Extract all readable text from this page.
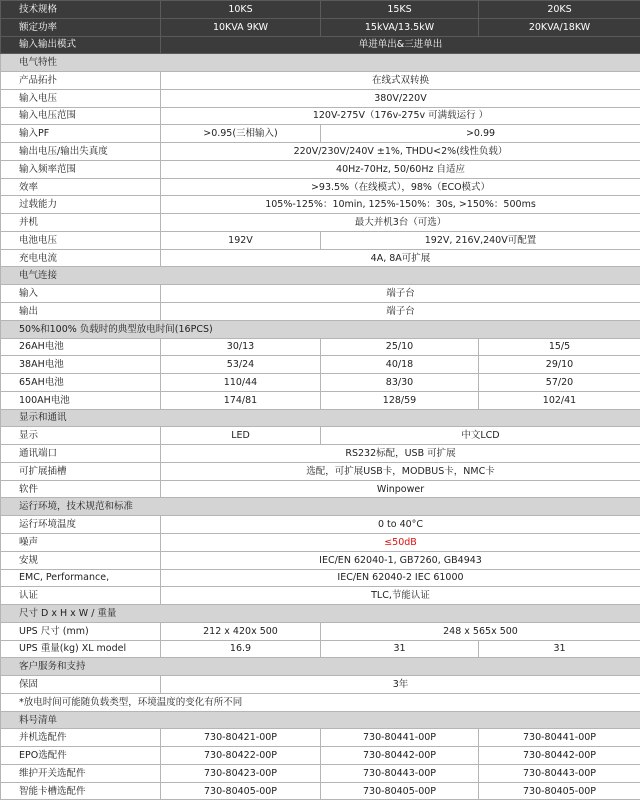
技术规格	10KS	15KS	20KS
额定功率	10KVA 9KW	15kVA/13.5kW	20KVA/18KW
输入输出模式	单进单出&三进单出		
电气特性			
产品拓扑	在线式双转换		
输入电压	380V/220V		
输入电压范围	120V-275V（176v-275v 可满载运行 ）		
输入PF	>0.95(三相输入)	>0.99	
输出电压/输出失真度	220V/230V/240V ±1%, THDU<2%(线性负载）		
输入频率范围	40Hz-70Hz, 50/60Hz 自适应		
效率	>93.5%（在线模式），98%（ECO模式）		
过载能力	105%-125%：10min, 125%-150%：30s, >150%：500ms		
并机	最大并机3台（可选）		
电池电压	192V	192V, 216V,240V可配置	
充电电流	4A, 8A可扩展		
电气连接			
输入	端子台		
输出	端子台		
50%和100% 负载时的典型放电时间(16PCS)			
26AH电池	30/13	25/10	15/5
38AH电池	53/24	40/18	29/10
65AH电池	110/44	83/30	57/20
100AH电池	174/81	128/59	102/41
显示和通讯			
显示	LED	中文LCD	
通讯端口	RS232标配，USB 可扩展		
可扩展插槽	选配，可扩展USB卡，MODBUS卡，NMC卡		
软件	Winpower		
运行环境，技术规范和标准			
运行环境温度	0 to 40°C		
噪声	≤50dB		
安规	IEC/EN 62040-1, GB7260, GB4943		
EMC, Performance,	IEC/EN 62040-2 IEC 61000		
认证	TLC,节能认证		
尺寸 D x H x W / 重量			
UPS 尺寸 (mm)	212 x 420x 500	248 x 565x 500	
UPS 重量(kg) XL model	16.9	31	31
客户服务和支持			
保固	3年		
*放电时间可能随负载类型，环境温度的变化有所不同			
料号清单			
并机选配件	730-80421-00P	730-80441-00P	730-80441-00P
EPO选配件	730-80422-00P	730-80442-00P	730-80442-00P
维护开关选配件	730-80423-00P	730-80443-00P	730-80443-00P
智能卡槽选配件	730-80405-00P	730-80405-00P	730-80405-00P
